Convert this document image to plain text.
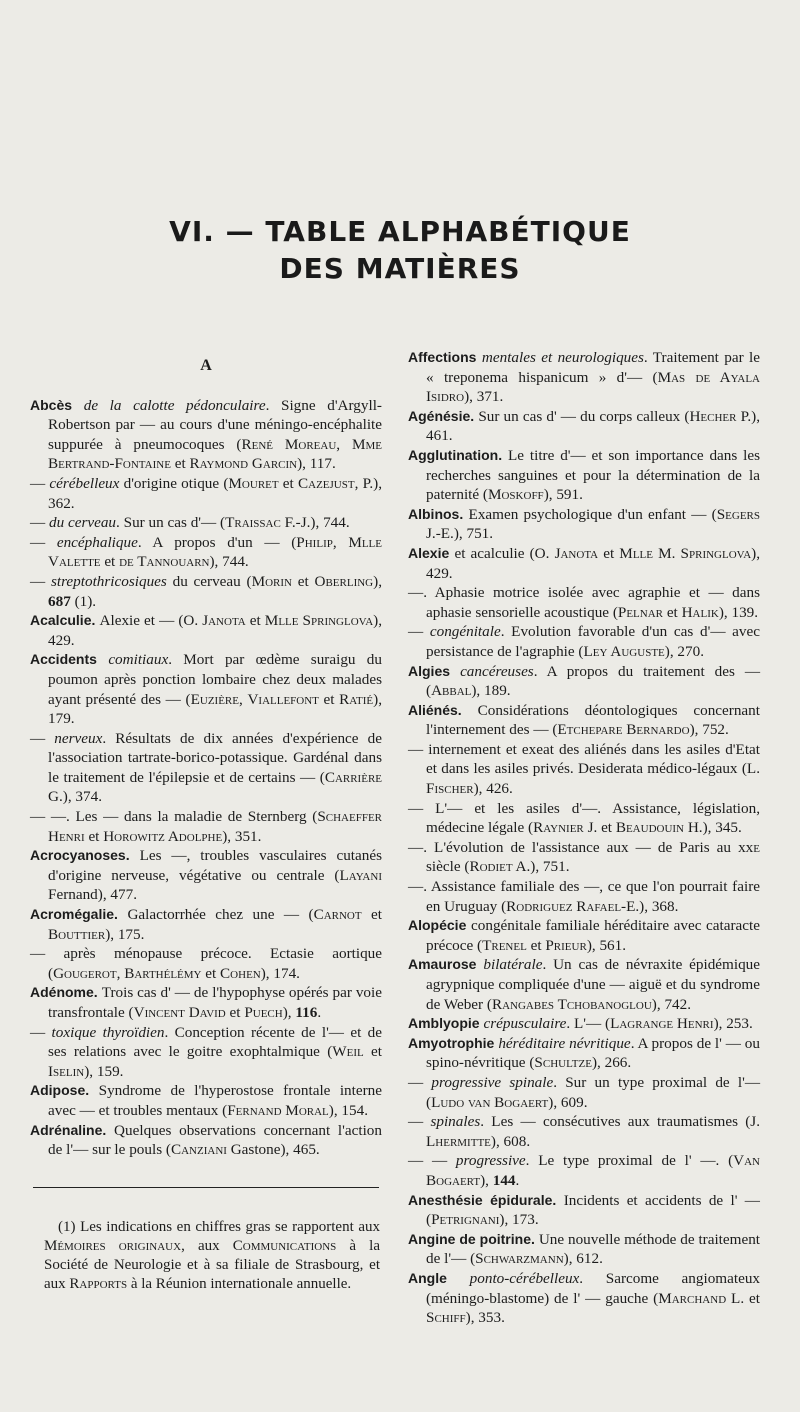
VI. — TABLE ALPHABÉTIQUE
DES MATIÈRES
A

Abcès de la calotte pédonculaire. Signe d'Argyll-Robertson par — au cours d'une méningo-encéphalite suppurée à pneumocoques (René Moreau, Mme Bertrand-Fontaine et Raymond Garcin), 117.

— cérébelleux d'origine otique (Mouret et Cazejust, P.), 362.

— du cerveau. Sur un cas d'— (Traissac F.-J.), 744.

— encéphalique. A propos d'un — (Philip, Mlle Valette et de Tannouarn), 744.

— streptothricosiques du cerveau (Morin et Oberling), 687 (1).

Acalculie. Alexie et — (O. Janota et Mlle Springlova), 429.

Accidents comitiaux. Mort par œdème suraigu du poumon après ponction lombaire chez deux malades ayant présenté des — (Euzière, Viallefont et Ratié), 179.

— nerveux. Résultats de dix années d'expérience de l'association tartrate-borico-potassique. Gardénal dans le traitement de l'épilepsie et de certains — (Carrière G.), 374.

— —. Les — dans la maladie de Sternberg (Schaeffer Henri et Horowitz Adolphe), 351.

Acrocyanoses. Les —, troubles vasculaires cutanés d'origine nerveuse, végétative ou centrale (Layani Fernand), 477.

Acromégalie. Galactorrhée chez une — (Carnot et Bouttier), 175.

— après ménopause précoce. Ectasie aortique (Gougerot, Barthélémy et Cohen), 174.

Adénome. Trois cas d' — de l'hypophyse opérés par voie transfrontale (Vincent David et Puech), 116.

— toxique thyroïdien. Conception récente de l'— et de ses relations avec le goitre exophtalmique (Weil et Iselin), 159.

Adipose. Syndrome de l'hyperostose frontale interne avec — et troubles mentaux (Fernand Moral), 154.

Adrénaline. Quelques observations concernant l'action de l'— sur le pouls (Canziani Gastone), 465.

Affections mentales et neurologiques. Traitement par le « treponema hispanicum » d'— (Mas de Ayala Isidro), 371.

Agénésie. Sur un cas d' — du corps calleux (Hecher P.), 461.

Agglutination. Le titre d'— et son importance dans les recherches sanguines et pour la détermination de la paternité (Moskoff), 591.

Albinos. Examen psychologique d'un enfant — (Segers J.-E.), 751.

Alexie et acalculie (O. Janota et Mlle M. Springlova), 429.

—. Aphasie motrice isolée avec agraphie et — dans aphasie sensorielle acoustique (Pelnar et Halik), 139.

— congénitale. Evolution favorable d'un cas d'— avec persistance de l'agraphie (Ley Auguste), 270.

Algies cancéreuses. A propos du traitement des — (Abbal), 189.

Aliénés. Considérations déontologiques concernant l'internement des — (Etchepare Bernardo), 752.

— internement et exeat des aliénés dans les asiles d'Etat et dans les asiles privés. Desiderata médico-légaux (L. Fischer), 426.

— L'— et les asiles d'—. Assistance, législation, médecine légale (Raynier J. et Beaudouin H.), 345.

—. L'évolution de l'assistance aux — de Paris au xxe siècle (Rodiet A.), 751.

—. Assistance familiale des —, ce que l'on pourrait faire en Uruguay (Rodriguez Rafael-E.), 368.

Alopécie congénitale familiale héréditaire avec cataracte précoce (Trenel et Prieur), 561.

Amaurose bilatérale. Un cas de névraxite épidémique agrypnique compliquée d'une — aiguë et du syndrome de Weber (Rangabes Tchobanoglou), 742.

Amblyopie crépusculaire. L'— (Lagrange Henri), 253.

Amyotrophie héréditaire névritique. A propos de l' — ou spino-névritique (Schultze), 266.

— progressive spinale. Sur un type proximal de l'— (Ludo van Bogaert), 609.

— spinales. Les — consécutives aux traumatismes (J. Lhermitte), 608.

— — progressive. Le type proximal de l' —. (Van Bogaert), 144.

Anesthésie épidurale. Incidents et accidents de l' — (Petrignani), 173.

Angine de poitrine. Une nouvelle méthode de traitement de l'— (Schwarzmann), 612.

Angle ponto-cérébelleux. Sarcome angiomateux (méningo-blastome) de l' — gauche (Marchand L. et Schiff), 353.

(1) Les indications en chiffres gras se rapportent aux Mémoires originaux, aux Communications à la Société de Neurologie et à sa filiale de Strasbourg, et aux Rapports à la Réunion internationale annuelle.
